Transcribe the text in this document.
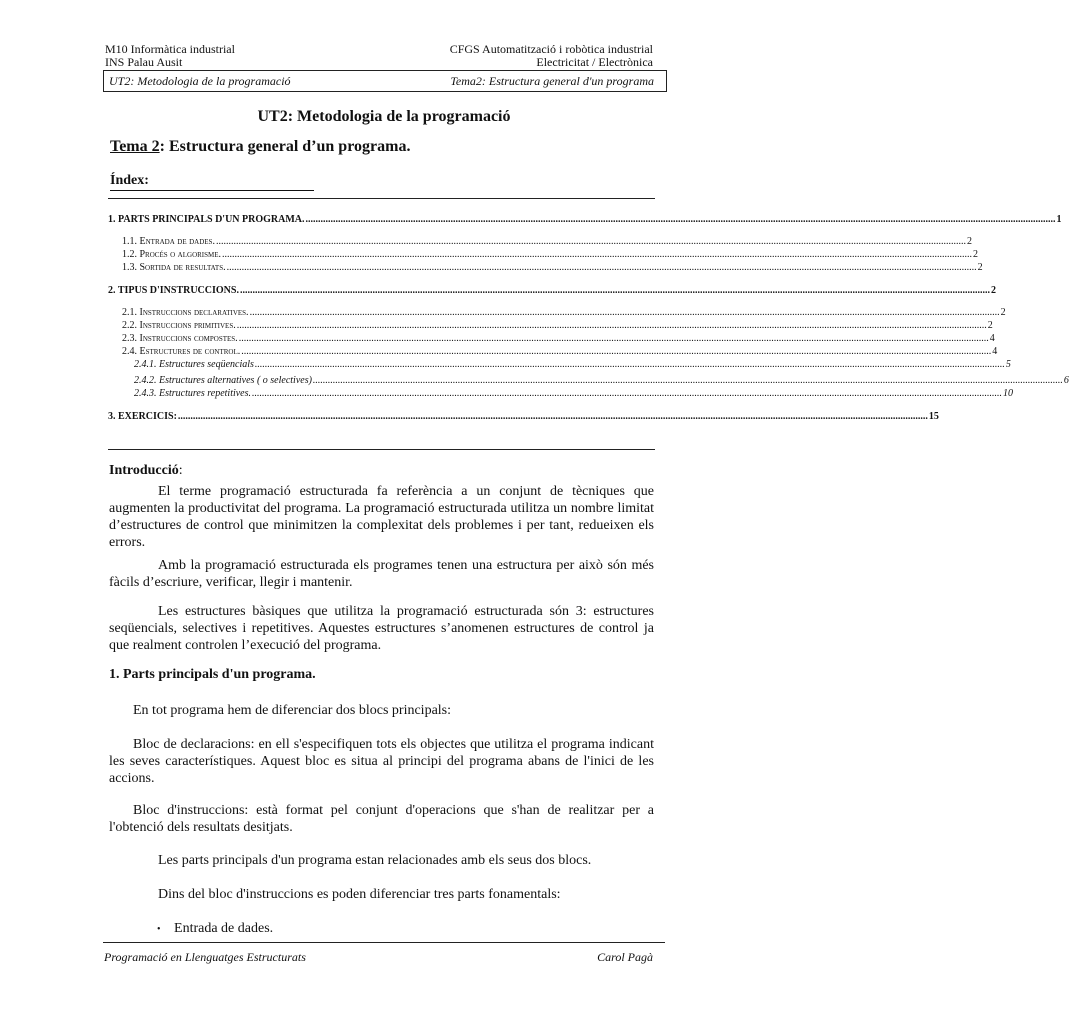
M10 Informàtica industrial
INS Palau Ausit
CFGS Automatització i robòtica industrial
Electricitat / Electrònica
UT2: Metodologia de la programació	Tema2: Estructura general d'un programa
UT2: Metodologia de la programació
Tema 2: Estructura general d’un programa.
Índex:
1. PARTS PRINCIPALS D'UN PROGRAMA. ............................................................................................................................................................................................................................................................................................................ 1
1.1. Entrada de dades. ............................................................................................................................................................................................................................................................................................................ 2
1.2. Procés o algorisme. ............................................................................................................................................................................................................................................................................................................ 2
1.3. Sortida de resultats. ............................................................................................................................................................................................................................................................................................................ 2
2. TIPUS D'INSTRUCCIONS. ............................................................................................................................................................................................................................................................................................................ 2
2.1. Instruccions declaratives. ............................................................................................................................................................................................................................................................................................................ 2
2.2. Instruccions primitives. ............................................................................................................................................................................................................................................................................................................ 2
2.3. Instruccions compostes. ............................................................................................................................................................................................................................................................................................................ 4
2.4. Estructures de control. ............................................................................................................................................................................................................................................................................................................ 4
2.4.1. Estructures seqüencials ............................................................................................................................................................................................................................................................................................................ 5
2.4.2. Estructures alternatives ( o selectives) ............................................................................................................................................................................................................................................................................................................ 6
2.4.3. Estructures repetitives. ............................................................................................................................................................................................................................................................................................................ 10
3. EXERCICIS: ............................................................................................................................................................................................................................................................................................................ 15
Introducció:
El terme programació estructurada fa referència a un conjunt de tècniques que augmenten la productivitat del programa. La programació estructurada utilitza un nombre limitat d’estructures de control que minimitzen la complexitat dels problemes i per tant, redueixen els errors.
Amb la programació estructurada els programes tenen una estructura per això són més fàcils d’escriure, verificar, llegir i mantenir.
Les estructures bàsiques que utilitza la programació estructurada són 3: estructures seqüencials, selectives i repetitives. Aquestes estructures s’anomenen estructures de control ja que realment controlen l’execució del programa.
1. Parts principals d'un programa.
En tot programa hem de diferenciar dos blocs principals:
Bloc de declaracions: en ell s'especifiquen tots els objectes que utilitza el programa indicant les seves característiques. Aquest bloc es situa al principi del programa abans de l'inici de les accions.
Bloc d'instruccions: està format pel conjunt d'operacions que s'han de realitzar per a l'obtenció dels resultats desitjats.
Les parts principals d'un programa estan relacionades amb els seus dos blocs.
Dins del bloc d'instruccions es poden diferenciar tres parts fonamentals:
• Entrada de dades.
Programació en Llenguatges Estructurats	Carol Pagà
